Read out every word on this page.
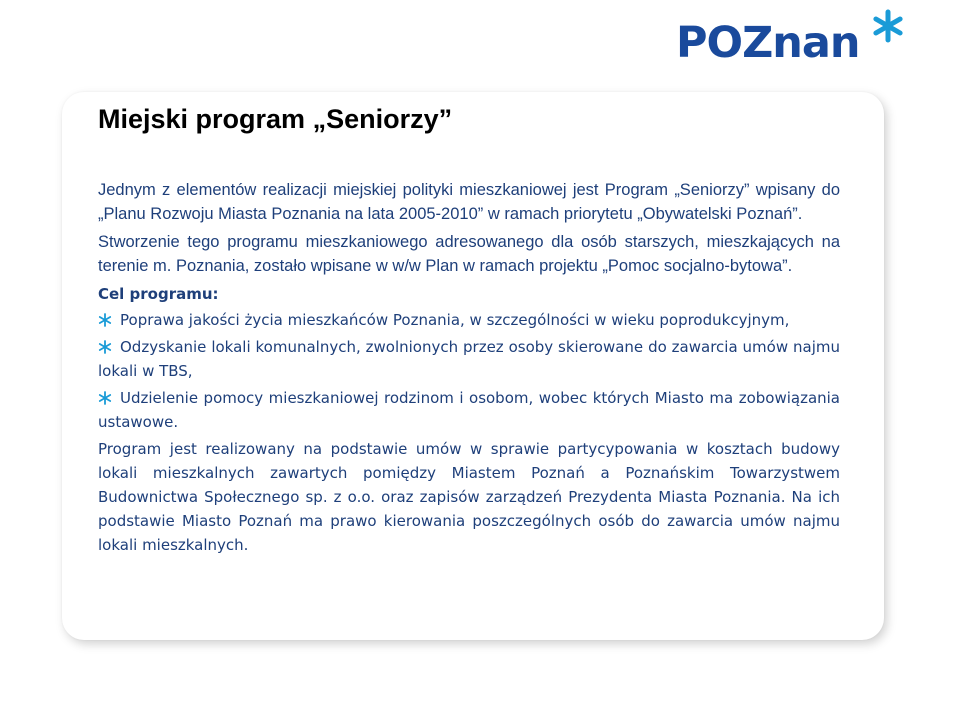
POZnan
Miejski program „Seniorzy”

Jednym z elementów realizacji miejskiej polityki mieszkaniowej jest Program „Seniorzy” wpisany do „Planu Rozwoju Miasta Poznania na lata 2005-2010” w ramach priorytetu „Obywatelski Poznań”.

Stworzenie tego programu mieszkaniowego adresowanego dla osób starszych, mieszkających na terenie m. Poznania, zostało wpisane w w/w Plan w ramach projektu „Pomoc socjalno-bytowa”.

Cel programu:

Poprawa jakości życia mieszkańców Poznania, w szczególności w wieku poprodukcyjnym,

Odzyskanie lokali komunalnych, zwolnionych przez osoby skierowane do zawarcia umów najmu lokali w TBS,

Udzielenie pomocy mieszkaniowej rodzinom i osobom, wobec których Miasto ma zobowiązania ustawowe.

Program jest realizowany na podstawie umów w sprawie partycypowania w kosztach budowy lokali mieszkalnych zawartych pomiędzy Miastem Poznań a Poznańskim Towarzystwem Budownictwa Społecznego sp. z o.o. oraz zapisów zarządzeń Prezydenta Miasta Poznania. Na ich podstawie Miasto Poznań ma prawo kierowania poszczególnych osób do zawarcia umów najmu lokali mieszkalnych.
